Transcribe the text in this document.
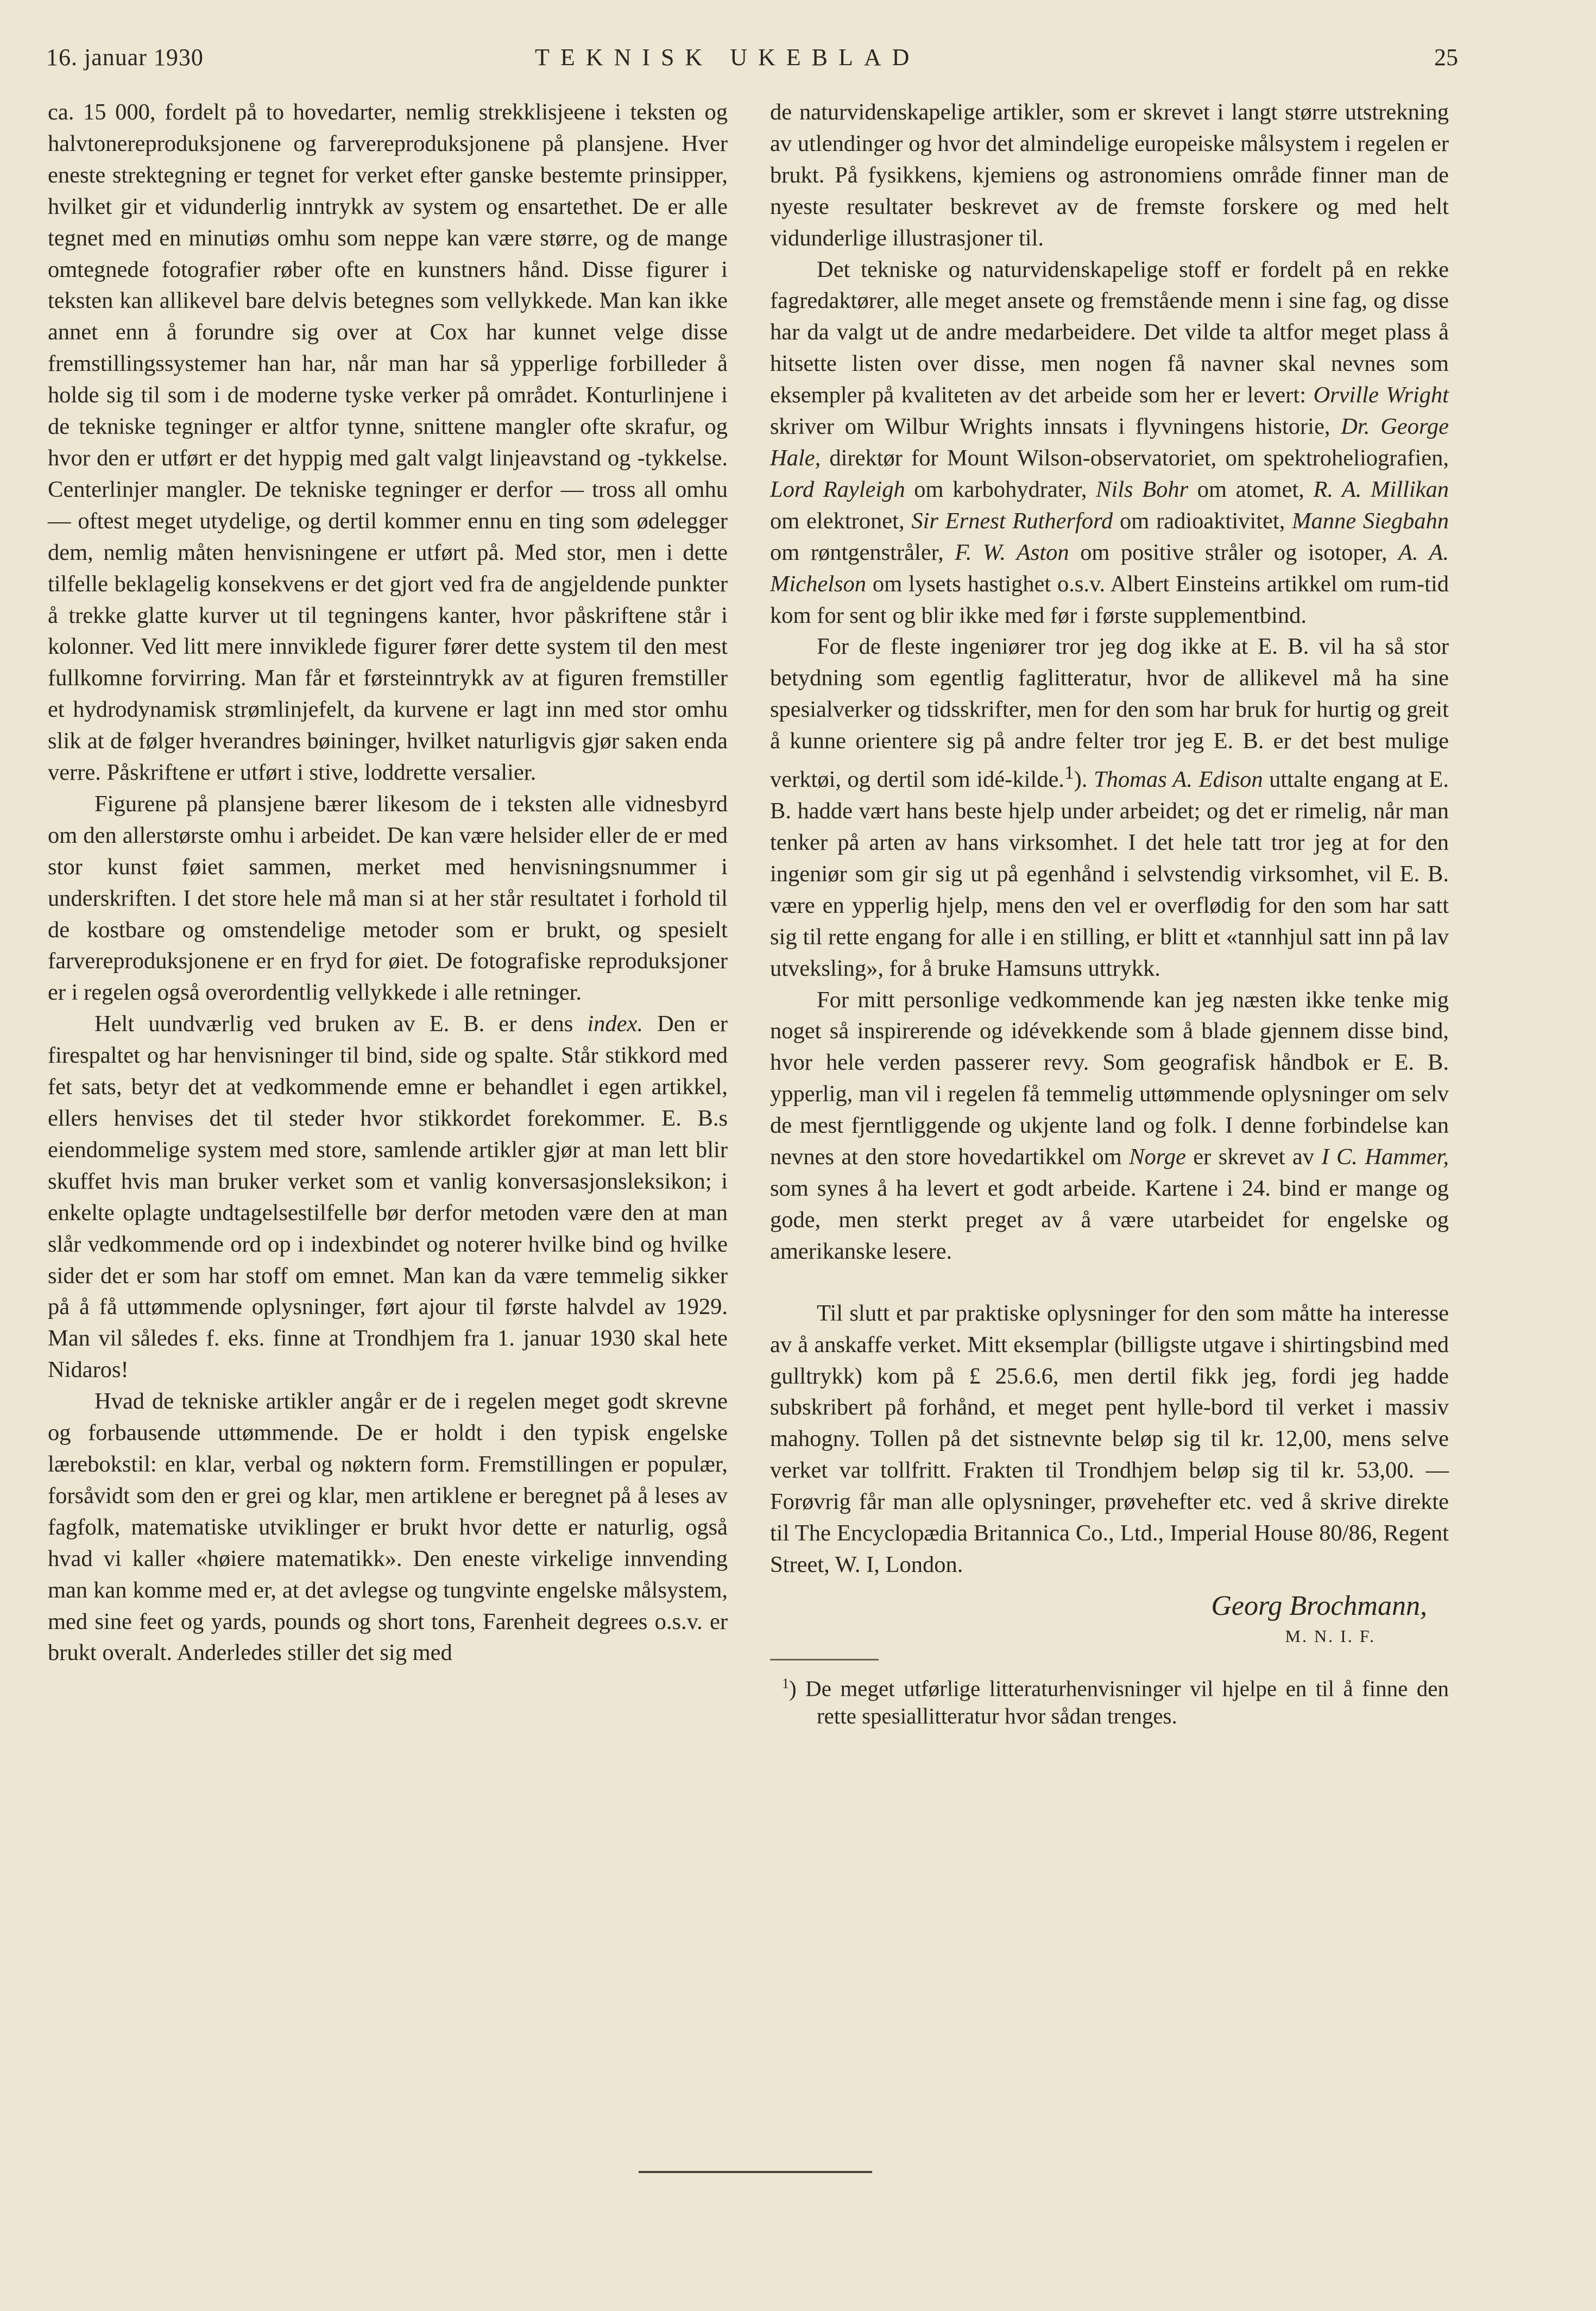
16. januar 1930	TEKNISK UKEBLAD	25

ca. 15 000, fordelt på to hovedarter, nemlig strekklisjeene i teksten og halvtonereproduksjonene og farvereproduksjonene på plansjene. Hver eneste strektegning er tegnet for verket efter ganske bestemte prinsipper, hvilket gir et vidunderlig inntrykk av system og ensartethet. De er alle tegnet med en minutiøs omhu som neppe kan være større, og de mange omtegnede fotografier røber ofte en kunstners hånd. Disse figurer i teksten kan allikevel bare delvis betegnes som vellykkede. Man kan ikke annet enn å forundre sig over at Cox har kunnet velge disse fremstillingssystemer han har, når man har så ypperlige forbilleder å holde sig til som i de moderne tyske verker på området. Konturlinjene i de tekniske tegninger er altfor tynne, snittene mangler ofte skrafur, og hvor den er utført er det hyppig med galt valgt linjeavstand og -tykkelse. Centerlinjer mangler. De tekniske tegninger er derfor — tross all omhu — oftest meget utydelige, og dertil kommer ennu en ting som ødelegger dem, nemlig måten henvisningene er utført på. Med stor, men i dette tilfelle beklagelig konsekvens er det gjort ved fra de angjeldende punkter å trekke glatte kurver ut til tegningens kanter, hvor påskriftene står i kolonner. Ved litt mere innviklede figurer fører dette system til den mest fullkomne forvirring. Man får et førsteinntrykk av at figuren fremstiller et hydrodynamisk strømlinjefelt, da kurvene er lagt inn med stor omhu slik at de følger hverandres bøininger, hvilket naturligvis gjør saken enda verre. Påskriftene er utført i stive, loddrette versalier.

Figurene på plansjene bærer likesom de i teksten alle vidnesbyrd om den allerstørste omhu i arbeidet. De kan være helsider eller de er med stor kunst føiet sammen, merket med henvisningsnummer i underskriften. I det store hele må man si at her står resultatet i forhold til de kostbare og omstendelige metoder som er brukt, og spesielt farvereproduksjonene er en fryd for øiet. De fotografiske reproduksjoner er i regelen også overordentlig vellykkede i alle retninger.

Helt uundværlig ved bruken av E. B. er dens index. Den er firespaltet og har henvisninger til bind, side og spalte. Står stikkord med fet sats, betyr det at vedkommende emne er behandlet i egen artikkel, ellers henvises det til steder hvor stikkordet forekommer. E. B.s eiendommelige system med store, samlende artikler gjør at man lett blir skuffet hvis man bruker verket som et vanlig konversasjonsleksikon; i enkelte oplagte undtagelsestilfelle bør derfor metoden være den at man slår vedkommende ord op i indexbindet og noterer hvilke bind og hvilke sider det er som har stoff om emnet. Man kan da være temmelig sikker på å få uttømmende oplysninger, ført ajour til første halvdel av 1929. Man vil således f. eks. finne at Trondhjem fra 1. januar 1930 skal hete Nidaros!

Hvad de tekniske artikler angår er de i regelen meget godt skrevne og forbausende uttømmende. De er holdt i den typisk engelske lærebokstil: en klar, verbal og nøktern form. Fremstillingen er populær, forsåvidt som den er grei og klar, men artiklene er beregnet på å leses av fagfolk, matematiske utviklinger er brukt hvor dette er naturlig, også hvad vi kaller «høiere matematikk». Den eneste virkelige innvending man kan komme med er, at det avlegse og tungvinte engelske målsystem, med sine feet og yards, pounds og short tons, Farenheit degrees o.s.v. er brukt overalt. Anderledes stiller det sig med

de naturvidenskapelige artikler, som er skrevet i langt større utstrekning av utlendinger og hvor det almindelige europeiske målsystem i regelen er brukt. På fysikkens, kjemiens og astronomiens område finner man de nyeste resultater beskrevet av de fremste forskere og med helt vidunderlige illustrasjoner til.

Det tekniske og naturvidenskapelige stoff er fordelt på en rekke fagredaktører, alle meget ansete og fremstående menn i sine fag, og disse har da valgt ut de andre medarbeidere. Det vilde ta altfor meget plass å hitsette listen over disse, men nogen få navner skal nevnes som eksempler på kvaliteten av det arbeide som her er levert: Orville Wright skriver om Wilbur Wrights innsats i flyvningens historie, Dr. George Hale, direktør for Mount Wilson-observatoriet, om spektroheliografien, Lord Rayleigh om karbohydrater, Nils Bohr om atomet, R. A. Millikan om elektronet, Sir Ernest Rutherford om radioaktivitet, Manne Siegbahn om røntgenstråler, F. W. Aston om positive stråler og isotoper, A. A. Michelson om lysets hastighet o.s.v. Albert Einsteins artikkel om rum-tid kom for sent og blir ikke med før i første supplementbind.

For de fleste ingeniører tror jeg dog ikke at E. B. vil ha så stor betydning som egentlig faglitteratur, hvor de allikevel må ha sine spesialverker og tidsskrifter, men for den som har bruk for hurtig og greit å kunne orientere sig på andre felter tror jeg E. B. er det best mulige verktøi, og dertil som idé-kilde.$^1$). Thomas A. Edison uttalte engang at E. B. hadde vært hans beste hjelp under arbeidet; og det er rimelig, når man tenker på arten av hans virksomhet. I det hele tatt tror jeg at for den ingeniør som gir sig ut på egenhånd i selvstendig virksomhet, vil E. B. være en ypperlig hjelp, mens den vel er overflødig for den som har satt sig til rette engang for alle i en stilling, er blitt et «tannhjul satt inn på lav utveksling», for å bruke Hamsuns uttrykk.

For mitt personlige vedkommende kan jeg næsten ikke tenke mig noget så inspirerende og idévekkende som å blade gjennem disse bind, hvor hele verden passerer revy. Som geografisk håndbok er E. B. ypperlig, man vil i regelen få temmelig uttømmende oplysninger om selv de mest fjerntliggende og ukjente land og folk. I denne forbindelse kan nevnes at den store hovedartikkel om Norge er skrevet av I C. Hammer, som synes å ha levert et godt arbeide. Kartene i 24. bind er mange og gode, men sterkt preget av å være utarbeidet for engelske og amerikanske lesere.

Til slutt et par praktiske oplysninger for den som måtte ha interesse av å anskaffe verket. Mitt eksemplar (billigste utgave i shirtingsbind med gulltrykk) kom på £ 25.6.6, men dertil fikk jeg, fordi jeg hadde subskribert på forhånd, et meget pent hylle-bord til verket i massiv mahogny. Tollen på det sistnevnte beløp sig til kr. 12,00, mens selve verket var tollfritt. Frakten til Trondhjem beløp sig til kr. 53,00. — Forøvrig får man alle oplysninger, prøvehefter etc. ved å skrive direkte til The Encyclopædia Britannica Co., Ltd., Imperial House 80/86, Regent Street, W. I, London.

Georg Brochmann,
M. N. I. F.
$^1$) De meget utførlige litteraturhenvisninger vil hjelpe en til å finne den rette spesiallitteratur hvor sådan trenges.
